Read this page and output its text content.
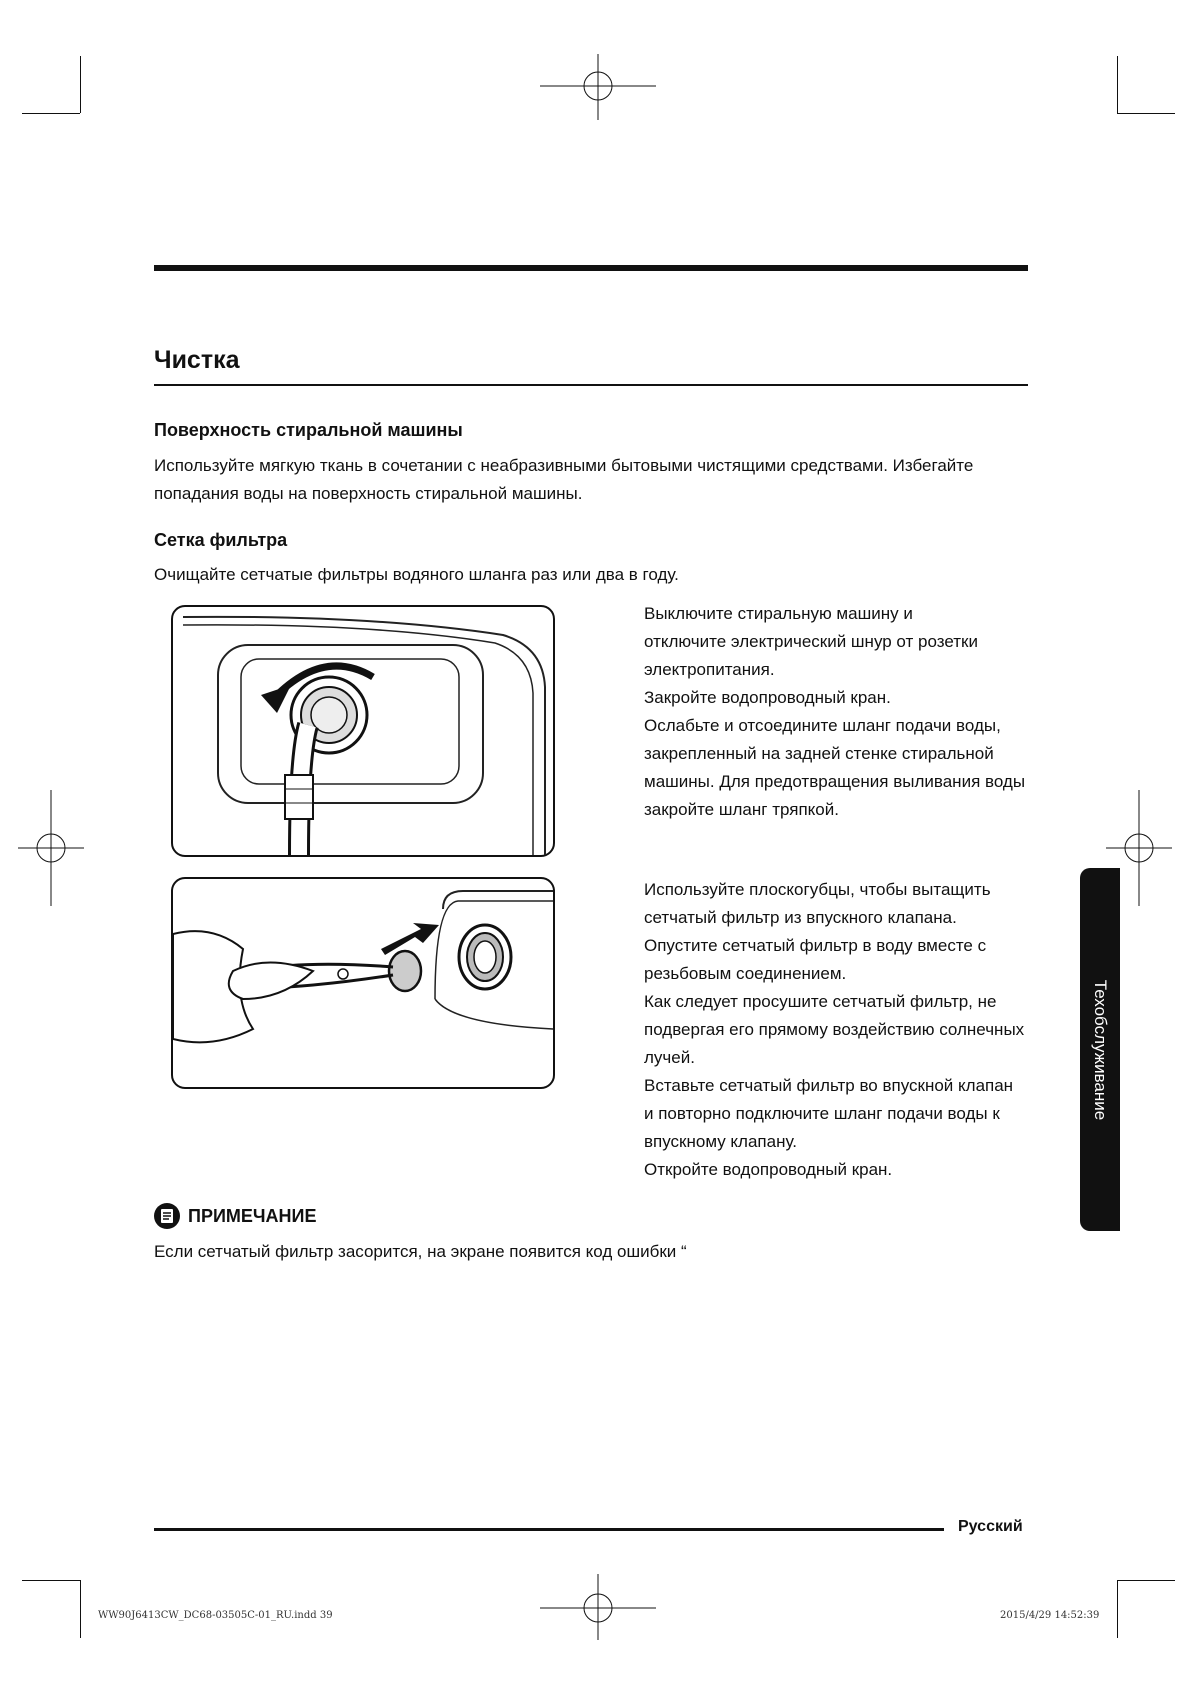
Чистка
Поверхность стиральной машины
Используйте мягкую ткань в сочетании с неабразивными бытовыми чистящими средствами. Избегайте
попадания воды на поверхность стиральной машины.
Сетка фильтра
Очищайте сетчатые фильтры водяного шланга раз или два в году.

Выключите стиральную машину и

отключите электрический шнур от розетки

электропитания.

Закройте водопроводный кран.

Ослабьте и отсоедините шланг подачи воды,

закрепленный на задней стенке стиральной

машины. Для предотвращения выливания воды

закройте шланг тряпкой.

Используйте плоскогубцы, чтобы вытащить

сетчатый фильтр из впускного клапана.

Опустите сетчатый фильтр в воду вместе с

резьбовым соединением.

Как следует просушите сетчатый фильтр, не

подвергая его прямому воздействию солнечных

лучей.

Вставьте сетчатый фильтр во впускной клапан

и повторно подключите шланг подачи воды к

впускному клапану.

Откройте водопроводный кран.

Техобслуживание
ПРИМЕЧАНИЕ
Если сетчатый фильтр засорится, на экране появится код ошибки “
Русский
WW90J6413CW_DC68-03505C-01_RU.indd 39	2015/4/29 14:52:39
